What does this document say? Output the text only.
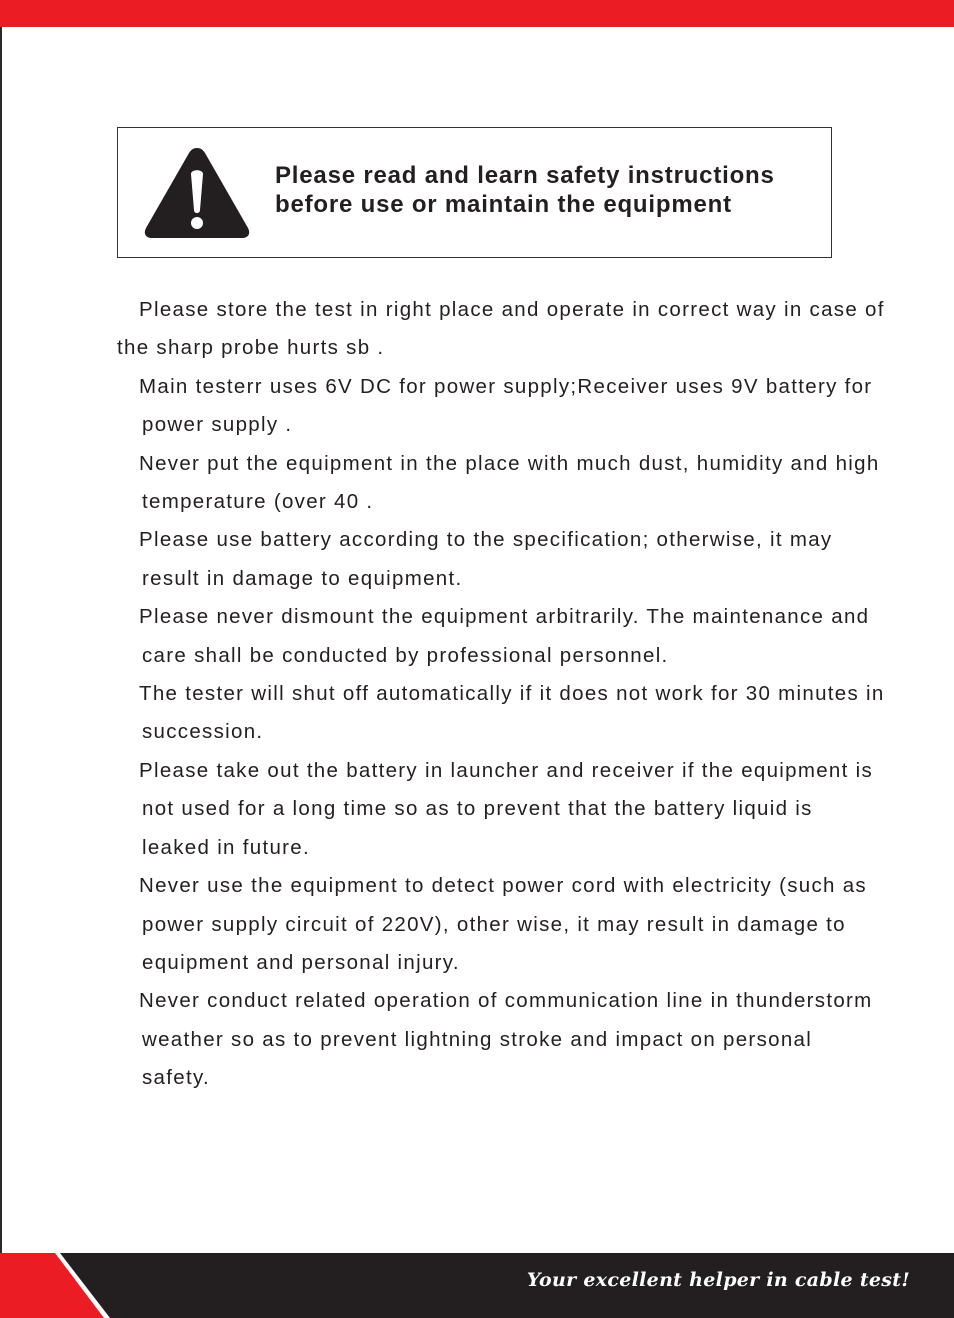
Please read and learn safety instructions
before use or maintain the equipment

Please store the test in right place and operate in correct way in case of the sharp probe hurts sb .
Main testerr uses 6V DC for power supply;Receiver uses 9V battery for power supply .
Never put the equipment in the place with much dust, humidity and high temperature (over 40 .
Please use battery according to the specification; otherwise, it may result in damage to equipment.
Please never dismount the equipment arbitrarily. The maintenance and care shall be conducted by professional personnel.
The tester will shut off automatically if it does not work for 30 minutes in succession.
Please take out the battery in launcher and receiver if the equipment is not used for a long time so as to prevent that the battery liquid is leaked in future.
Never use the equipment to detect power cord with electricity (such as power supply circuit of 220V), other wise, it may result in damage to equipment and personal injury.
Never conduct related operation of communication line in thunderstorm weather so as to prevent lightning stroke and impact on personal safety.
Your excellent helper in cable test!
